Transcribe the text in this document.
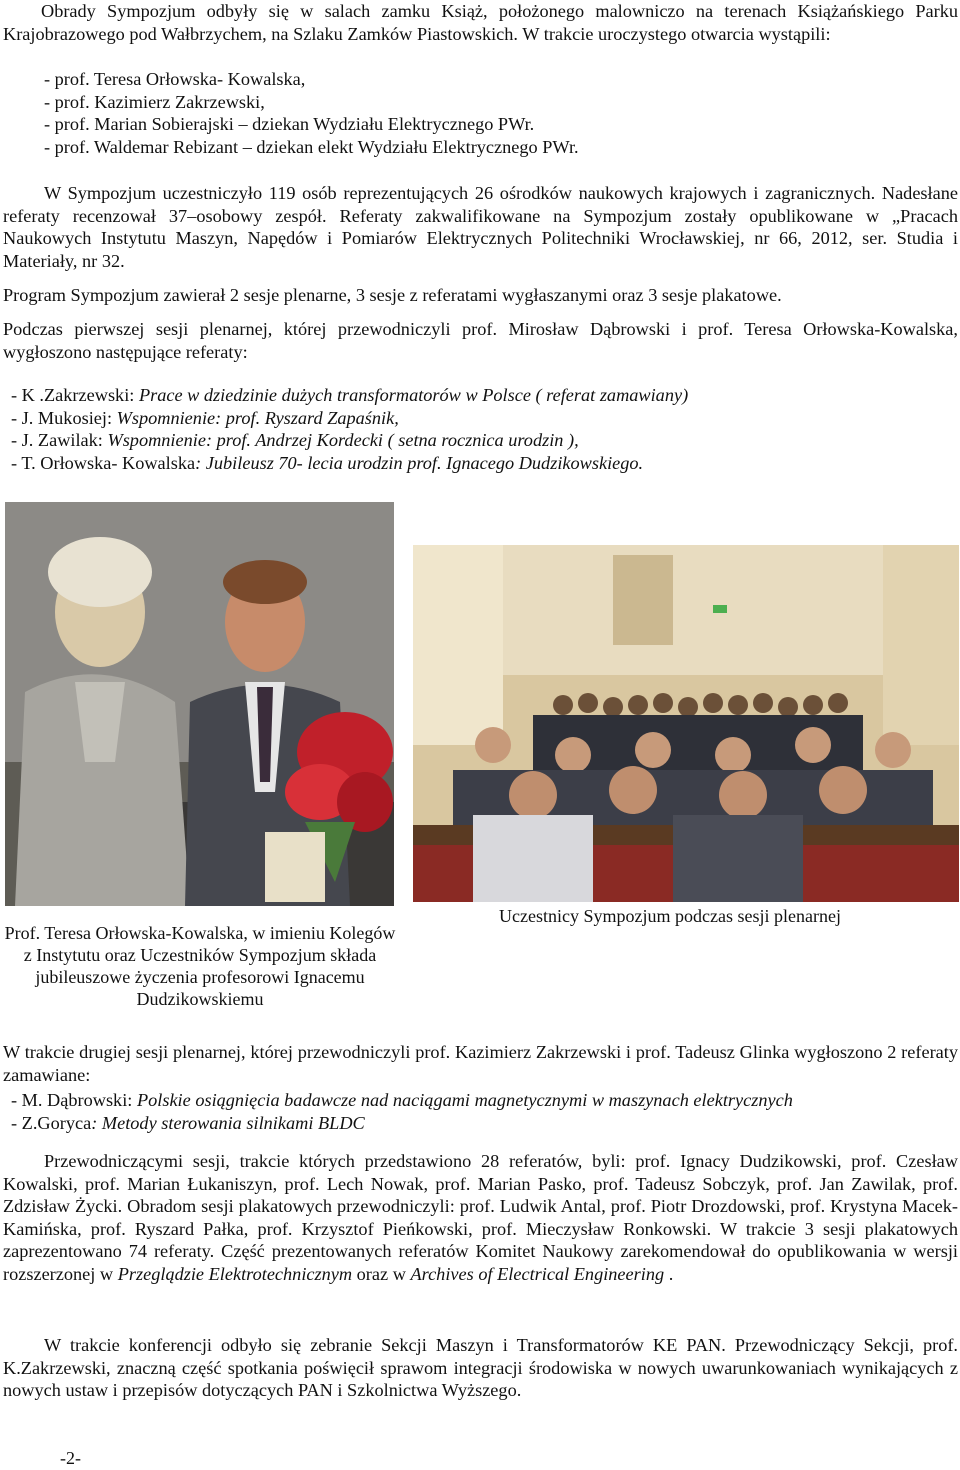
Obrady Sympozjum odbyły się w salach zamku Książ, położonego malowniczo na terenach Książańskiego Parku Krajobrazowego pod Wałbrzychem, na Szlaku Zamków Piastowskich. W trakcie uroczystego otwarcia wystąpili:

- prof. Teresa Orłowska- Kowalska,
- prof. Kazimierz Zakrzewski,
- prof. Marian Sobierajski – dziekan Wydziału Elektrycznego PWr.
- prof. Waldemar Rebizant – dziekan elekt Wydziału Elektrycznego PWr.

W Sympozjum uczestniczyło 119 osób reprezentujących 26 ośrodków naukowych krajowych i zagranicznych. Nadesłane referaty recenzował 37–osobowy zespół. Referaty zakwalifikowane na Sympozjum zostały opublikowane w „Pracach Naukowych Instytutu Maszyn, Napędów i Pomiarów Elektrycznych Politechniki Wrocławskiej, nr 66, 2012, ser. Studia i Materiały, nr 32.

Program Sympozjum zawierał 2 sesje plenarne, 3 sesje z referatami wygłaszanymi oraz 3 sesje plakatowe.

Podczas pierwszej sesji plenarnej, której przewodniczyli prof. Mirosław Dąbrowski i prof. Teresa Orłowska-Kowalska, wygłoszono następujące referaty:

- K .Zakrzewski: Prace w dziedzinie dużych transformatorów w Polsce ( referat zamawiany)
- J. Mukosiej: Wspomnienie: prof. Ryszard Zapaśnik,
- J. Zawilak: Wspomnienie: prof. Andrzej Kordecki ( setna rocznica urodzin ),
- T. Orłowska- Kowalska: Jubileusz 70- lecia urodzin prof. Ignacego Dudzikowskiego.
Prof. Teresa Orłowska-Kowalska, w imieniu Kolegów z Instytutu oraz Uczestników Sympozjum składa jubileuszowe życzenia profesorowi Ignacemu Dudzikowskiemu
Uczestnicy Sympozjum podczas sesji plenarnej

W trakcie drugiej sesji plenarnej, której przewodniczyli prof. Kazimierz Zakrzewski i prof. Tadeusz Glinka wygłoszono 2 referaty zamawiane:

- M. Dąbrowski: Polskie osiągnięcia badawcze nad naciągami magnetycznymi w maszynach elektrycznych
- Z.Goryca: Metody sterowania silnikami BLDC

Przewodniczącymi sesji, trakcie których przedstawiono 28 referatów, byli: prof. Ignacy Dudzikowski, prof. Czesław Kowalski, prof. Marian Łukaniszyn, prof. Lech Nowak, prof. Marian Pasko, prof. Tadeusz Sobczyk, prof. Jan Zawilak, prof. Zdzisław Życki. Obradom sesji plakatowych przewodniczyli: prof. Ludwik Antal, prof. Piotr Drozdowski, prof. Krystyna Macek-Kamińska, prof. Ryszard Pałka, prof. Krzysztof Pieńkowski, prof. Mieczysław Ronkowski. W trakcie 3 sesji plakatowych zaprezentowano 74 referaty. Część prezentowanych referatów Komitet Naukowy zarekomendował do opublikowania w wersji rozszerzonej w Przeglądzie Elektrotechnicznym oraz w Archives of Electrical Engineering .

W trakcie konferencji odbyło się zebranie Sekcji Maszyn i Transformatorów KE PAN. Przewodniczący Sekcji, prof. K.Zakrzewski, znaczną część spotkania poświęcił sprawom integracji środowiska w nowych uwarunkowaniach wynikających z nowych ustaw i przepisów dotyczących PAN i Szkolnictwa Wyższego.

-2-
